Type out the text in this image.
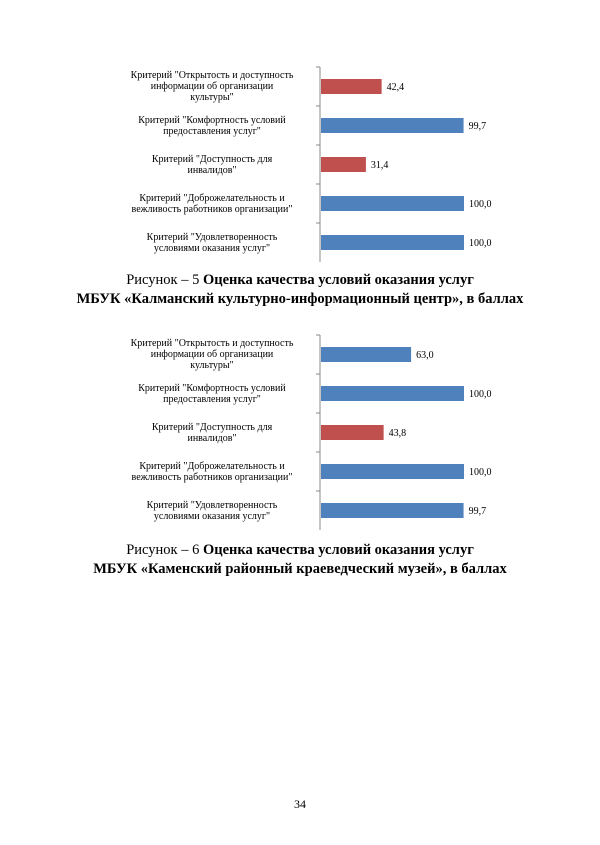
42,4
99,7
31,4
100,0
100,0
Критерий "Открытость и доступность
информации об организации
культуры"
Критерий "Комфортность условий
предоставления услуг"
Критерий "Доступность для
инвалидов"
Критерий "Доброжелательность и
вежливость работников организации"
Критерий "Удовлетворенность
условиями оказания услуг"
Рисунок – 5 Оценка качества условий оказания услуг
МБУК «Калманский культурно-информационный центр», в баллах
63,0
100,0
43,8
100,0
99,7
Критерий "Открытость и доступность
информации об организации
культуры"
Критерий "Комфортность условий
предоставления услуг"
Критерий "Доступность для
инвалидов"
Критерий "Доброжелательность и
вежливость работников организации"
Критерий "Удовлетворенность
условиями оказания услуг"
Рисунок – 6 Оценка качества условий оказания услуг
МБУК «Каменский районный краеведческий музей», в баллах
34
